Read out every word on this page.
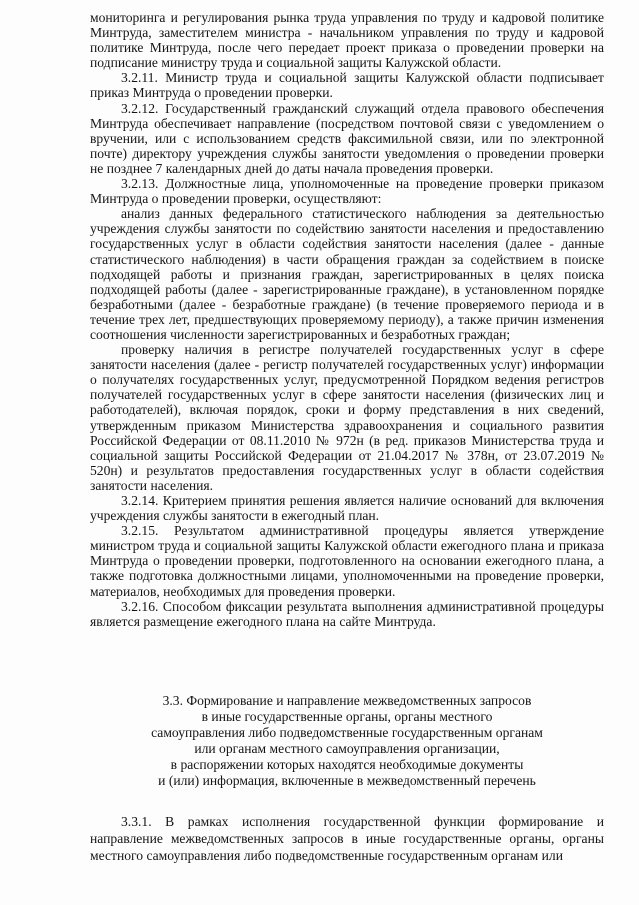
мониторинга и регулирования рынка труда управления по труду и кадровой политике Минтруда, заместителем министра - начальником управления по труду и кадровой политике Минтруда, после чего передает проект приказа о проведении проверки на подписание министру труда и социальной защиты Калужской области.

3.2.11. Министр труда и социальной защиты Калужской области подписывает приказ Минтруда о проведении проверки.

3.2.12. Государственный гражданский служащий отдела правового обеспечения Минтруда обеспечивает направление (посредством почтовой связи с уведомлением о вручении, или с использованием средств факсимильной связи, или по электронной почте) директору учреждения службы занятости уведомления о проведении проверки не позднее 7 календарных дней до даты начала проведения проверки.

3.2.13. Должностные лица, уполномоченные на проведение проверки приказом Минтруда о проведении проверки, осуществляют:

анализ данных федерального статистического наблюдения за деятельностью учреждения службы занятости по содействию занятости населения и предоставлению государственных услуг в области содействия занятости населения (далее - данные статистического наблюдения) в части обращения граждан за содействием в поиске подходящей работы и признания граждан, зарегистрированных в целях поиска подходящей работы (далее - зарегистрированные граждане), в установленном порядке безработными (далее - безработные граждане) (в течение проверяемого периода и в течение трех лет, предшествующих проверяемому периоду), а также причин изменения соотношения численности зарегистрированных и безработных граждан;

проверку наличия в регистре получателей государственных услуг в сфере занятости населения (далее - регистр получателей государственных услуг) информации о получателях государственных услуг, предусмотренной Порядком ведения регистров получателей государственных услуг в сфере занятости населения (физических лиц и работодателей), включая порядок, сроки и форму представления в них сведений, утвержденным приказом Министерства здравоохранения и социального развития Российской Федерации от 08.11.2010 № 972н (в ред. приказов Министерства труда и социальной защиты Российской Федерации от 21.04.2017 № 378н, от 23.07.2019 № 520н) и результатов предоставления государственных услуг в области содействия занятости населения.

3.2.14. Критерием принятия решения является наличие оснований для включения учреждения службы занятости в ежегодный план.

3.2.15. Результатом административной процедуры является утверждение министром труда и социальной защиты Калужской области ежегодного плана и приказа Минтруда о проведении проверки, подготовленного на основании ежегодного плана, а также подготовка должностными лицами, уполномоченными на проведение проверки, материалов, необходимых для проведения проверки.

3.2.16. Способом фиксации результата выполнения административной процедуры является размещение ежегодного плана на сайте Минтруда.

3.3. Формирование и направление межведомственных запросов
в иные государственные органы, органы местного
самоуправления либо подведомственные государственным органам
или органам местного самоуправления организации,
в распоряжении которых находятся необходимые документы
и (или) информация, включенные в межведомственный перечень

3.3.1. В рамках исполнения государственной функции формирование и направление межведомственных запросов в иные государственные органы, органы местного самоуправления либо подведомственные государственным органам или
